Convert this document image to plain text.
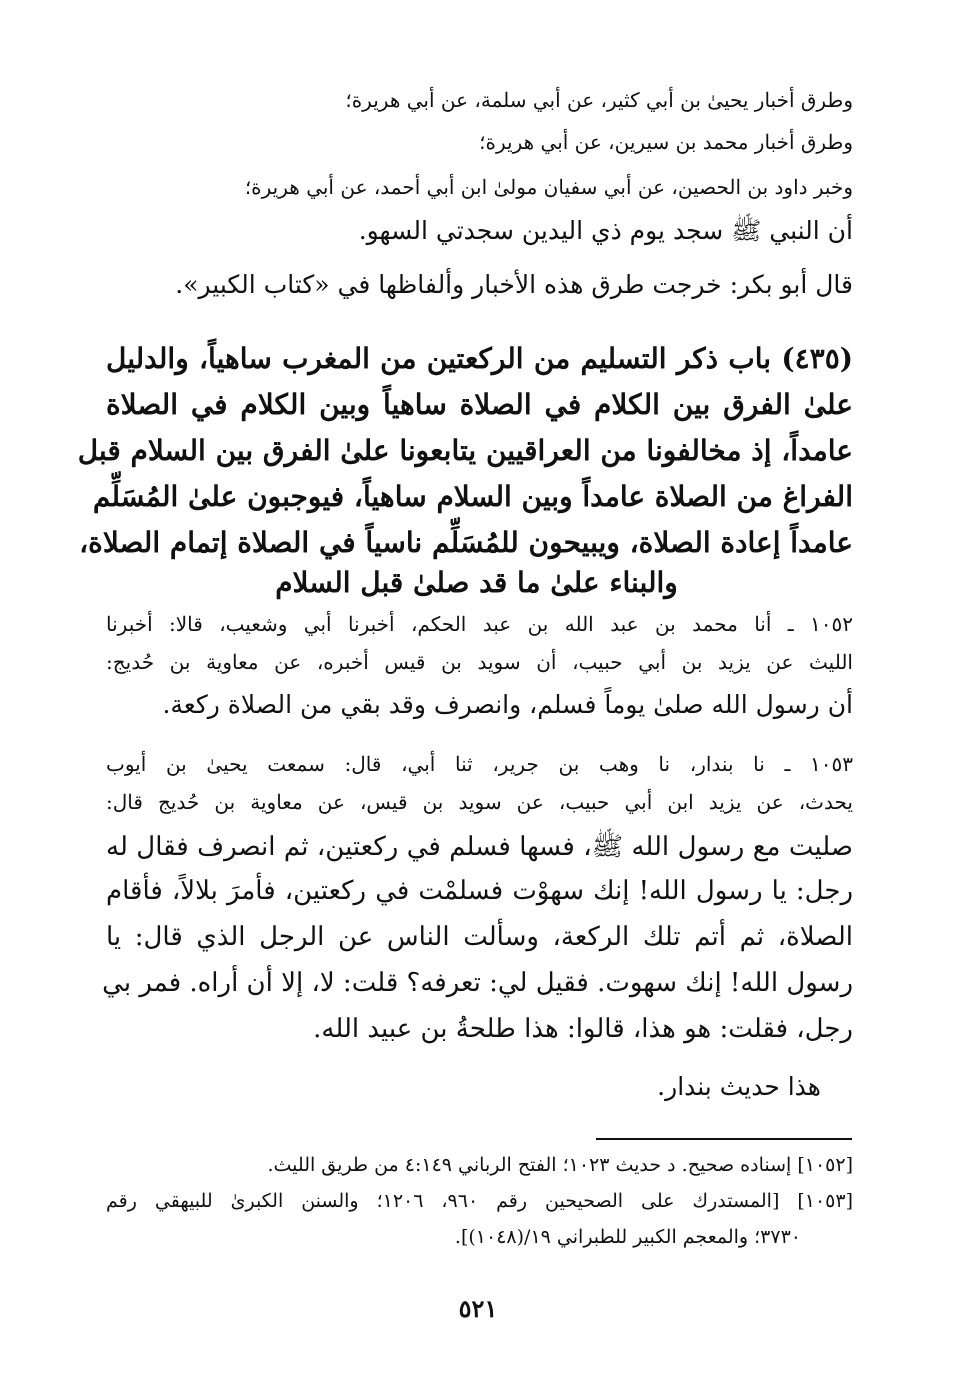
وطرق أخبار يحيىٰ بن أبي كثير، عن أبي سلمة، عن أبي هريرة؛
وطرق أخبار محمد بن سيرين، عن أبي هريرة؛
وخبر داود بن الحصين، عن أبي سفيان مولىٰ ابن أبي أحمد، عن أبي هريرة؛
أن النبي ﷺ سجد يوم ذي اليدين سجدتي السهو.
قال أبو بكر: خرجت طرق هذه الأخبار وألفاظها في «كتاب الكبير».
(٤٣٥) باب ذكر التسليم من الركعتين من المغرب ساهياً، والدليل
علىٰ الفرق بين الكلام في الصلاة ساهياً وبين الكلام في الصلاة
عامداً، إذ مخالفونا من العراقيين يتابعونا علىٰ الفرق بين السلام قبل
الفراغ من الصلاة عامداً وبين السلام ساهياً، فيوجبون علىٰ المُسَلِّم
عامداً إعادة الصلاة، ويبيحون للمُسَلِّم ناسياً في الصلاة إتمام الصلاة،
والبناء علىٰ ما قد صلىٰ قبل السلام
١٠٥٢ ـ أنا محمد بن عبد الله بن عبد الحكم، أخبرنا أبي وشعيب، قالا: أخبرنا
الليث عن يزيد بن أبي حبيب، أن سويد بن قيس أخبره، عن معاوية بن حُديج:
أن رسول الله صلىٰ يوماً فسلم، وانصرف وقد بقي من الصلاة ركعة.
١٠٥٣ ـ نا بندار، نا وهب بن جرير، ثنا أبي، قال: سمعت يحيىٰ بن أيوب
يحدث، عن يزيد ابن أبي حبيب، عن سويد بن قيس، عن معاوية بن حُديج قال:
صليت مع رسول الله ﷺ، فسها فسلم في ركعتين، ثم انصرف فقال له
رجل: يا رسول الله! إنك سهوْت فسلمْت في ركعتين، فأمرَ بلالاً، فأقام
الصلاة، ثم أتم تلك الركعة، وسألت الناس عن الرجل الذي قال: يا
رسول الله! إنك سهوت. فقيل لي: تعرفه؟ قلت: لا، إلا أن أراه. فمر بي
رجل، فقلت: هو هذا، قالوا: هذا طلحةُ بن عبيد الله.
هذا حديث بندار.
[١٠٥٢] إسناده صحيح. د حديث ١٠٢٣؛ الفتح الرباني ٤:١٤٩ من طريق الليث.
[١٠٥٣] [المستدرك على الصحيحين رقم ٩٦٠، ١٢٠٦؛ والسنن الكبرىٰ للبيهقي رقم
٣٧٣٠؛ والمعجم الكبير للطبراني ١٩/(١٠٤٨)].
٥٢١
